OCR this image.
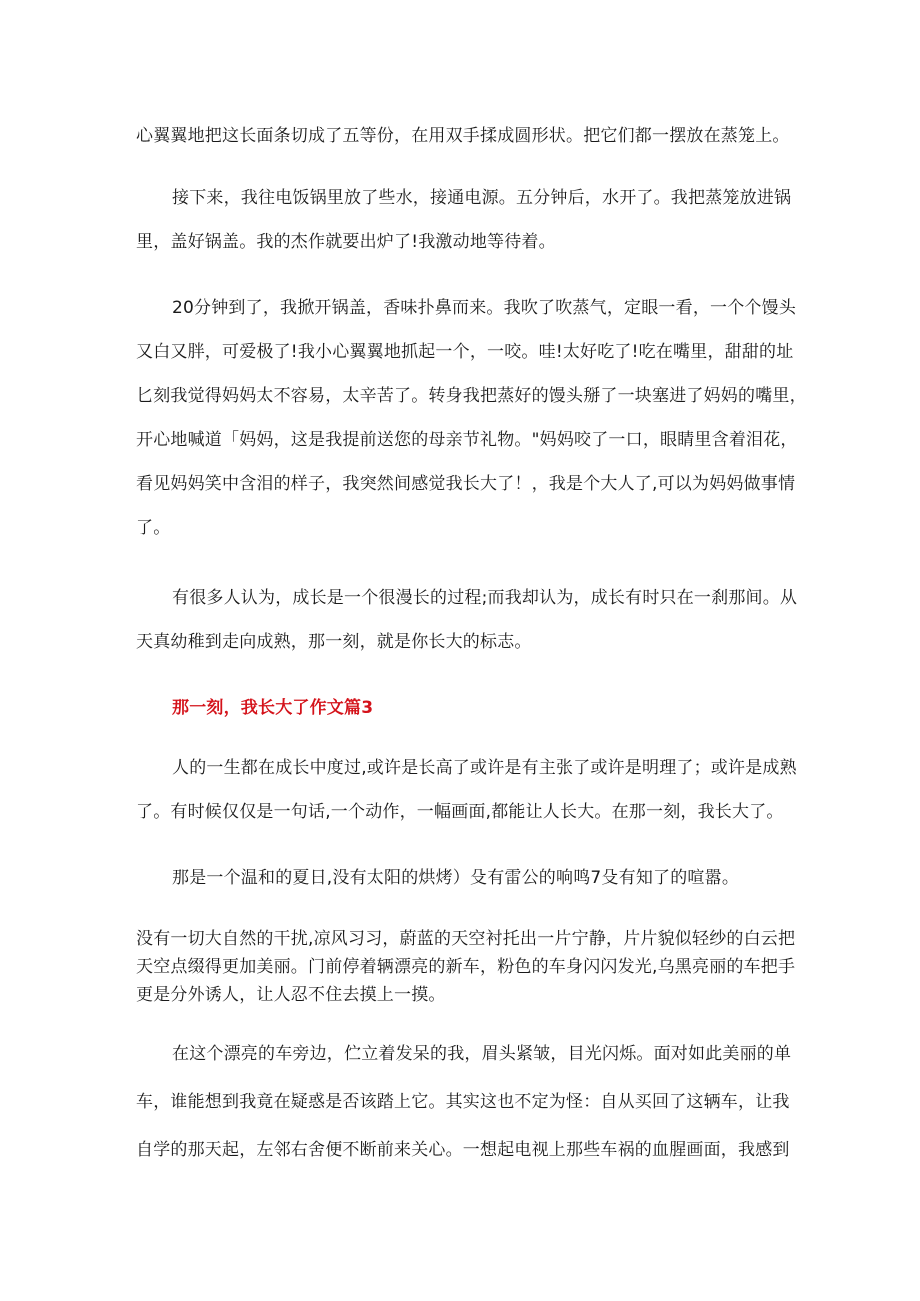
心翼翼地把这长面条切成了五等份，在用双手揉成圆形状。把它们都一摆放在蒸笼上。

接下来，我往电饭锅里放了些水，接通电源。五分钟后，水开了。我把蒸笼放进锅

里，盖好锅盖。我的杰作就要出炉了!我激动地等待着。

20分钟到了，我掀开锅盖，香味扑鼻而来。我吹了吹蒸气，定眼一看，一个个馒头

又白又胖，可爱极了!我小心翼翼地抓起一个，一咬。哇!太好吃了!吃在嘴里，甜甜的址

匕刻我觉得妈妈太不容易，太辛苦了。转身我把蒸好的馒头掰了一块塞进了妈妈的嘴里，

开心地喊道「妈妈，这是我提前送您的母亲节礼物。"妈妈咬了一口，眼睛里含着泪花，

看见妈妈笑中含泪的样子，我突然间感觉我长大了！，我是个大人了,可以为妈妈做事情

了。

有很多人认为，成长是一个很漫长的过程;而我却认为，成长有时只在一刹那间。从

天真幼稚到走向成熟，那一刻，就是你长大的标志。

那一刻，我长大了作文篇3

人的一生都在成长中度过,或许是长高了或许是有主张了或许是明理了；或许是成熟

了。有时候仅仅是一句话,一个动作，一幅画面,都能让人长大。在那一刻，我长大了。

那是一个温和的夏日,没有太阳的烘烤）殳有雷公的响鸣7殳有知了的喧嚣。

没有一切大自然的干扰,凉风习习，蔚蓝的天空衬托出一片宁静，片片貌似轻纱的白云把

天空点缀得更加美丽。门前停着辆漂亮的新车，粉色的车身闪闪发光,乌黑亮丽的车把手

更是分外诱人，让人忍不住去摸上一摸。

在这个漂亮的车旁边，伫立着发呆的我，眉头紧皱，目光闪烁。面对如此美丽的单

车，谁能想到我竟在疑惑是否该踏上它。其实这也不定为怪：自从买回了这辆车，让我

自学的那天起，左邻右舍便不断前来关心。一想起电视上那些车祸的血腥画面，我感到
